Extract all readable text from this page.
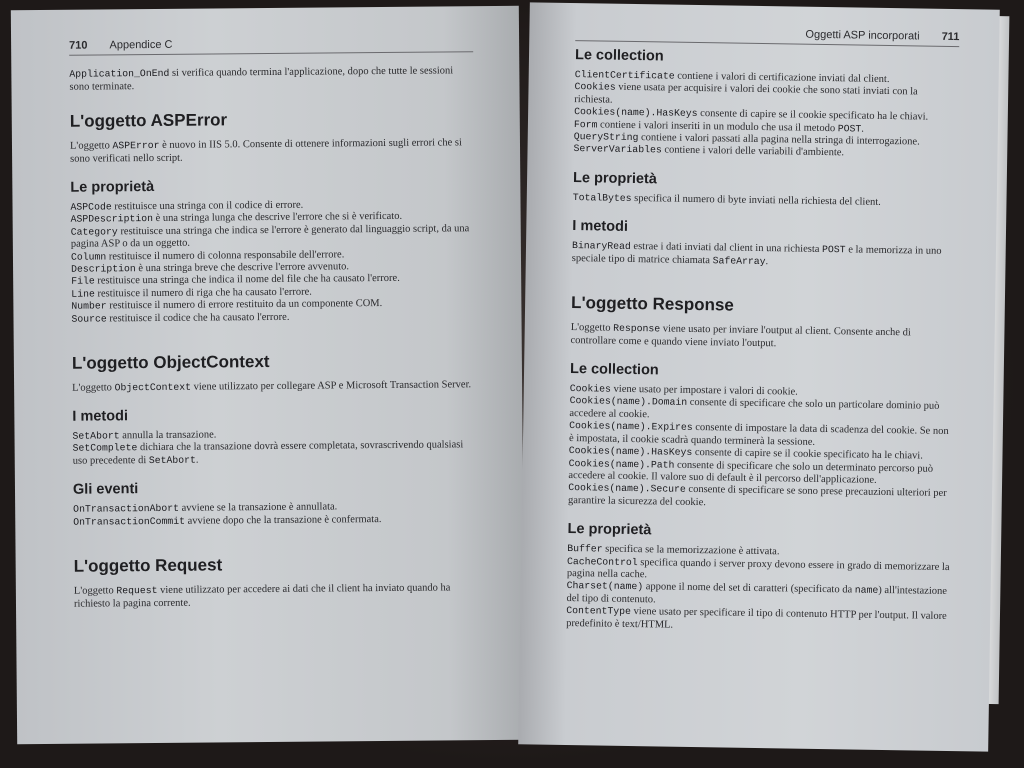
710 Appendice C

Application_OnEnd si verifica quando termina l'applicazione, dopo che tutte le sessioni sono terminate.

L'oggetto ASPError

L'oggetto ASPError è nuovo in IIS 5.0. Consente di ottenere informazioni sugli errori che si sono verificati nello script.

Le proprietà
ASPCode restituisce una stringa con il codice di errore.
ASPDescription è una stringa lunga che descrive l'errore che si è verificato.
Category restituisce una stringa che indica se l'errore è generato dal linguaggio script, da una pagina ASP o da un oggetto.
Column restituisce il numero di colonna responsabile dell'errore.
Description è una stringa breve che descrive l'errore avvenuto.
File restituisce una stringa che indica il nome del file che ha causato l'errore.
Line restituisce il numero di riga che ha causato l'errore.
Number restituisce il numero di errore restituito da un componente COM.
Source restituisce il codice che ha causato l'errore.
L'oggetto ObjectContext

L'oggetto ObjectContext viene utilizzato per collegare ASP e Microsoft Transaction Server.

I metodi
SetAbort annulla la transazione.
SetComplete dichiara che la transazione dovrà essere completata, sovrascrivendo qualsiasi uso precedente di SetAbort.
Gli eventi
OnTransactionAbort avviene se la transazione è annullata.
OnTransactionCommit avviene dopo che la transazione è confermata.
L'oggetto Request

L'oggetto Request viene utilizzato per accedere ai dati che il client ha inviato quando ha richiesto la pagina corrente.

Oggetti ASP incorporati 711
Le collection
ClientCertificate contiene i valori di certificazione inviati dal client.
Cookies viene usata per acquisire i valori dei cookie che sono stati inviati con la richiesta.
Cookies(name).HasKeys consente di capire se il cookie specificato ha le chiavi.
Form contiene i valori inseriti in un modulo che usa il metodo POST.
QueryString contiene i valori passati alla pagina nella stringa di interrogazione.
ServerVariables contiene i valori delle variabili d'ambiente.
Le proprietà
TotalBytes specifica il numero di byte inviati nella richiesta del client.
I metodi
BinaryRead estrae i dati inviati dal client in una richiesta POST e la memorizza in uno speciale tipo di matrice chiamata SafeArray.
L'oggetto Response

L'oggetto Response viene usato per inviare l'output al client. Consente anche di controllare come e quando viene inviato l'output.

Le collection
Cookies viene usato per impostare i valori di cookie.
Cookies(name).Domain consente di specificare che solo un particolare dominio può accedere al cookie.
Cookies(name).Expires consente di impostare la data di scadenza del cookie. Se non è impostata, il cookie scadrà quando terminerà la sessione.
Cookies(name).HasKeys consente di capire se il cookie specificato ha le chiavi.
Cookies(name).Path consente di specificare che solo un determinato percorso può accedere al cookie. Il valore suo di default è il percorso dell'applicazione.
Cookies(name).Secure consente di specificare se sono prese precauzioni ulteriori per garantire la sicurezza del cookie.
Le proprietà
Buffer specifica se la memorizzazione è attivata.
CacheControl specifica quando i server proxy devono essere in grado di memorizzare la pagina nella cache.
Charset(name) appone il nome del set di caratteri (specificato da name) all'intestazione del tipo di contenuto.
ContentType viene usato per specificare il tipo di contenuto HTTP per l'output. Il valore predefinito è text/HTML.
